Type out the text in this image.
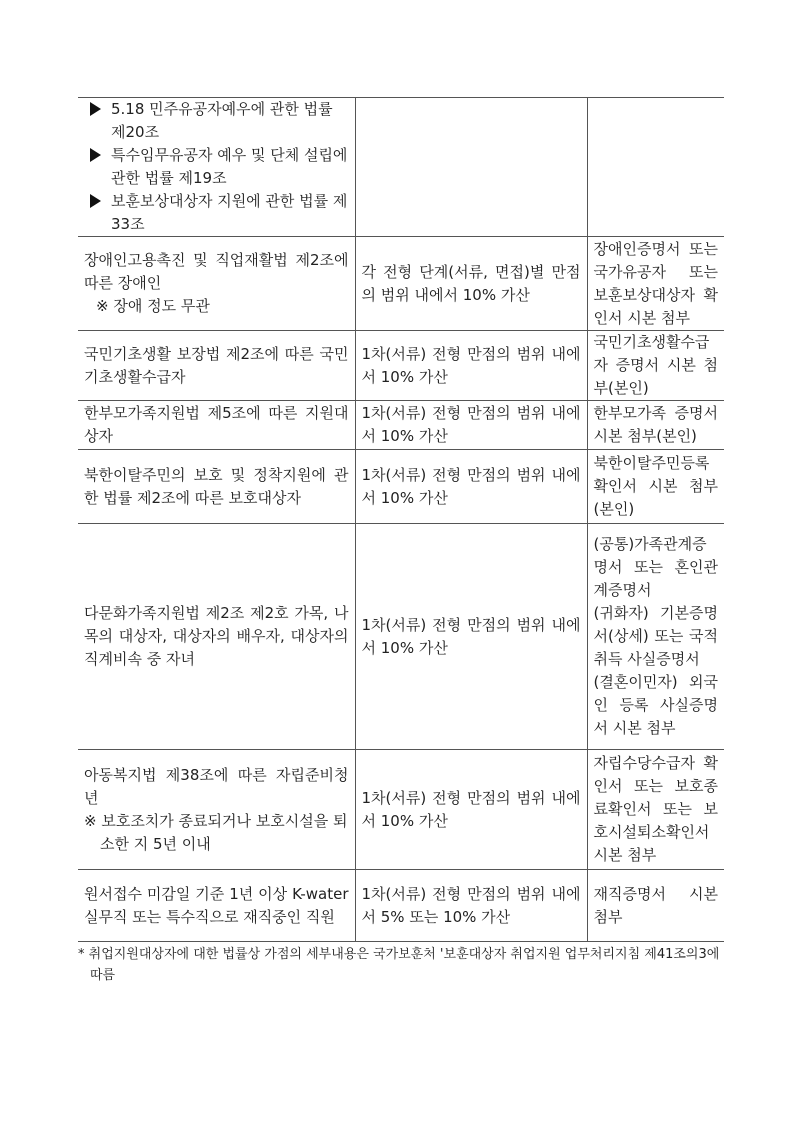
5.18 민주유공자예우에 관한 법률 제20조
특수임무유공자 예우 및 단체 설립에 관한 법률 제19조
보훈보상대상자 지원에 관한 법률 제33조		

장애인고용촉진 및 직업재활법 제2조에 따른 장애인
※ 장애 정도 무관	각 전형 단계(서류, 면접)별 만점의 범위 내에서 10% 가산	장애인증명서 또는 국가유공자 또는 보훈보상대상자 확인서 시본 첨부
국민기초생활 보장법 제2조에 따른 국민기초생활수급자	1차(서류) 전형 만점의 범위 내에서 10% 가산	국민기초생활수급자 증명서 시본 첨부(본인)
한부모가족지원법 제5조에 따른 지원대상자	1차(서류) 전형 만점의 범위 내에서 10% 가산	한부모가족 증명서 시본 첨부(본인)
북한이탈주민의 보호 및 정착지원에 관한 법률 제2조에 따른 보호대상자	1차(서류) 전형 만점의 범위 내에서 10% 가산	북한이탈주민등록확인서 시본 첨부(본인)
다문화가족지원법 제2조 제2호 가목, 나목의 대상자, 대상자의 배우자, 대상자의 직계비속 중 자녀	1차(서류) 전형 만점의 범위 내에서 10% 가산	(공통)가족관계증명서 또는 혼인관계증명서
(귀화자) 기본증명서(상세) 또는 국적취득 사실증명서
(결혼이민자) 외국인 등록 사실증명서 시본 첨부

아동복지법 제38조에 따른 자립준비청년
※ 보호조치가 종료되거나 보호시설을 퇴소한 지 5년 이내	1차(서류) 전형 만점의 범위 내에서 10% 가산	자립수당수급자 확인서 또는 보호종료확인서 또는 보호시설퇴소확인서 시본 첨부
원서접수 미감일 기준 1년 이상 K-water 실무직 또는 특수직으로 재직중인 직원	1차(서류) 전형 만점의 범위 내에서 5% 또는 10% 가산	재직증명서 시본 첨부
* 취업지원대상자에 대한 법률상 가점의 세부내용은 국가보훈처 '보훈대상자 취업지원 업무처리지침 제41조의3에 따름
